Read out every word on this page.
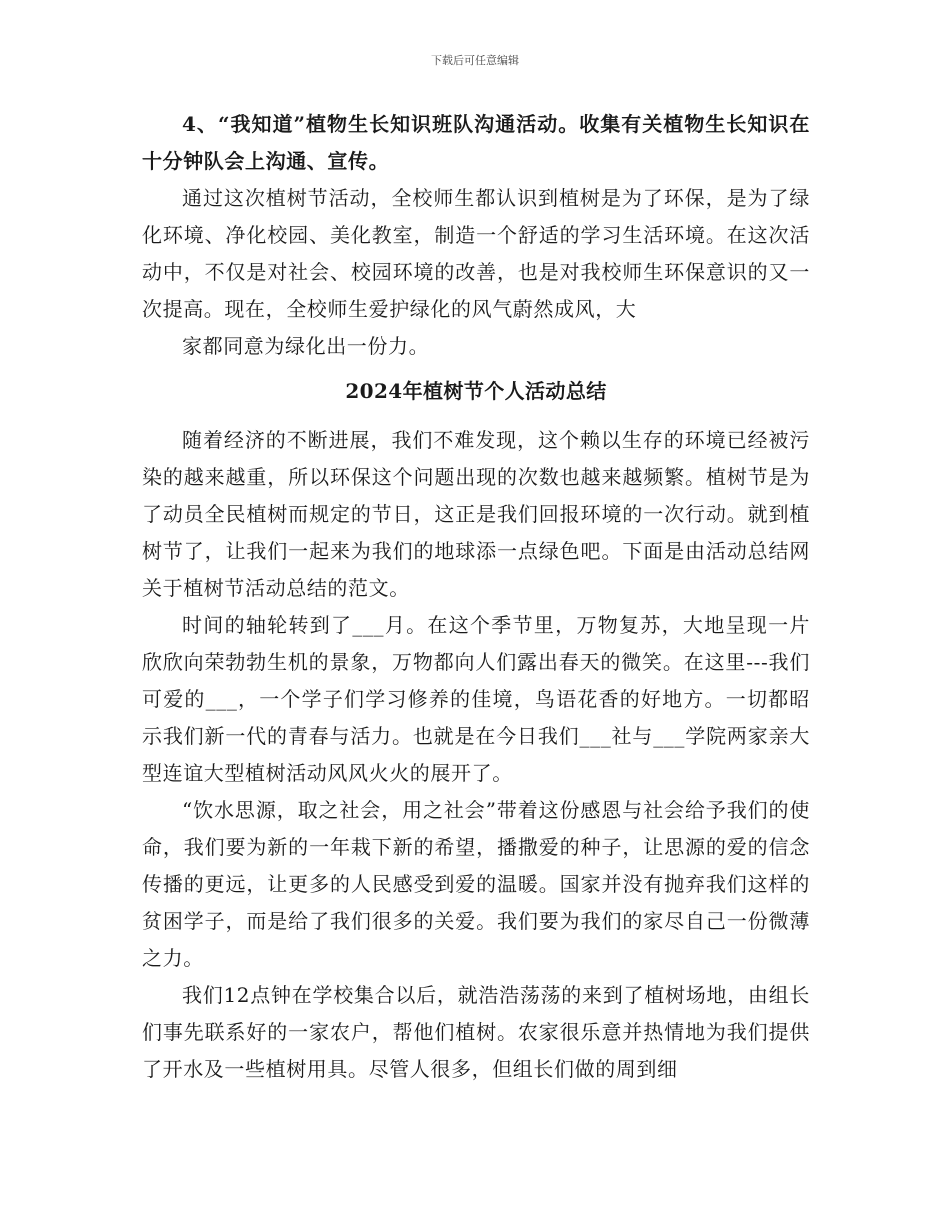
下载后可任意编辑

4、“我知道”植物生长知识班队沟通活动。收集有关植物生长知识在十分钟队会上沟通、宣传。

通过这次植树节活动，全校师生都认识到植树是为了环保，是为了绿化环境、净化校园、美化教室，制造一个舒适的学习生活环境。在这次活动中，不仅是对社会、校园环境的改善，也是对我校师生环保意识的又一次提高。现在，全校师生爱护绿化的风气蔚然成风，大

家都同意为绿化出一份力。

2024年植树节个人活动总结

随着经济的不断进展，我们不难发现，这个赖以生存的环境已经被污染的越来越重，所以环保这个问题出现的次数也越来越频繁。植树节是为了动员全民植树而规定的节日，这正是我们回报环境的一次行动。就到植树节了，让我们一起来为我们的地球添一点绿色吧。下面是由活动总结网关于植树节活动总结的范文。

时间的轴轮转到了___月。在这个季节里，万物复苏，大地呈现一片欣欣向荣勃勃生机的景象，万物都向人们露出春天的微笑。在这里---我们可爱的___，一个学子们学习修养的佳境，鸟语花香的好地方。一切都昭示我们新一代的青春与活力。也就是在今日我们___社与___学院两家亲大型连谊大型植树活动风风火火的展开了。

“饮水思源，取之社会，用之社会”带着这份感恩与社会给予我们的使命，我们要为新的一年栽下新的希望，播撒爱的种子，让思源的爱的信念传播的更远，让更多的人民感受到爱的温暖。国家并没有抛弃我们这样的贫困学子，而是给了我们很多的关爱。我们要为我们的家尽自己一份微薄之力。

我们12点钟在学校集合以后，就浩浩荡荡的来到了植树场地，由组长们事先联系好的一家农户，帮他们植树。农家很乐意并热情地为我们提供了开水及一些植树用具。尽管人很多，但组长们做的周到细
